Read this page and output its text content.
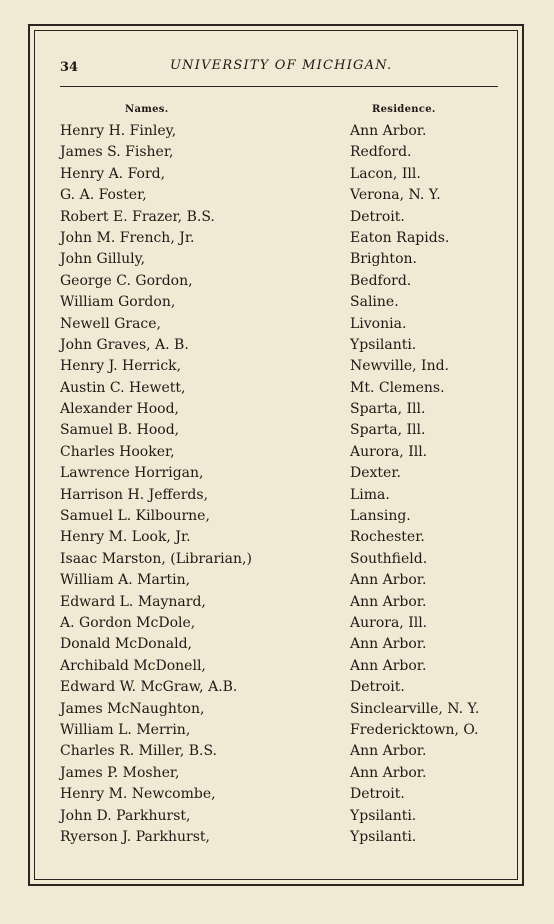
34	UNIVERSITY OF MICHIGAN.
Names.	Residence.
Henry H. Finley,	Ann Arbor.
James S. Fisher,	Redford.
Henry A. Ford,	Lacon, Ill.
G. A. Foster,	Verona, N. Y.
Robert E. Frazer, B.S.	Detroit.
John M. French, Jr.	Eaton Rapids.
John Gilluly,	Brighton.
George C. Gordon,	Bedford.
William Gordon,	Saline.
Newell Grace,	Livonia.
John Graves, A. B.	Ypsilanti.
Henry J. Herrick,	Newville, Ind.
Austin C. Hewett,	Mt. Clemens.
Alexander Hood,	Sparta, Ill.
Samuel B. Hood,	Sparta, Ill.
Charles Hooker,	Aurora, Ill.
Lawrence Horrigan,	Dexter.
Harrison H. Jefferds,	Lima.
Samuel L. Kilbourne,	Lansing.
Henry M. Look, Jr.	Rochester.
Isaac Marston, (Librarian,)	Southfield.
William A. Martin,	Ann Arbor.
Edward L. Maynard,	Ann Arbor.
A. Gordon McDole,	Aurora, Ill.
Donald McDonald,	Ann Arbor.
Archibald McDonell,	Ann Arbor.
Edward W. McGraw, A.B.	Detroit.
James McNaughton,	Sinclearville, N. Y.
William L. Merrin,	Fredericktown, O.
Charles R. Miller, B.S.	Ann Arbor.
James P. Mosher,	Ann Arbor.
Henry M. Newcombe,	Detroit.
John D. Parkhurst,	Ypsilanti.
Ryerson J. Parkhurst,	Ypsilanti.
